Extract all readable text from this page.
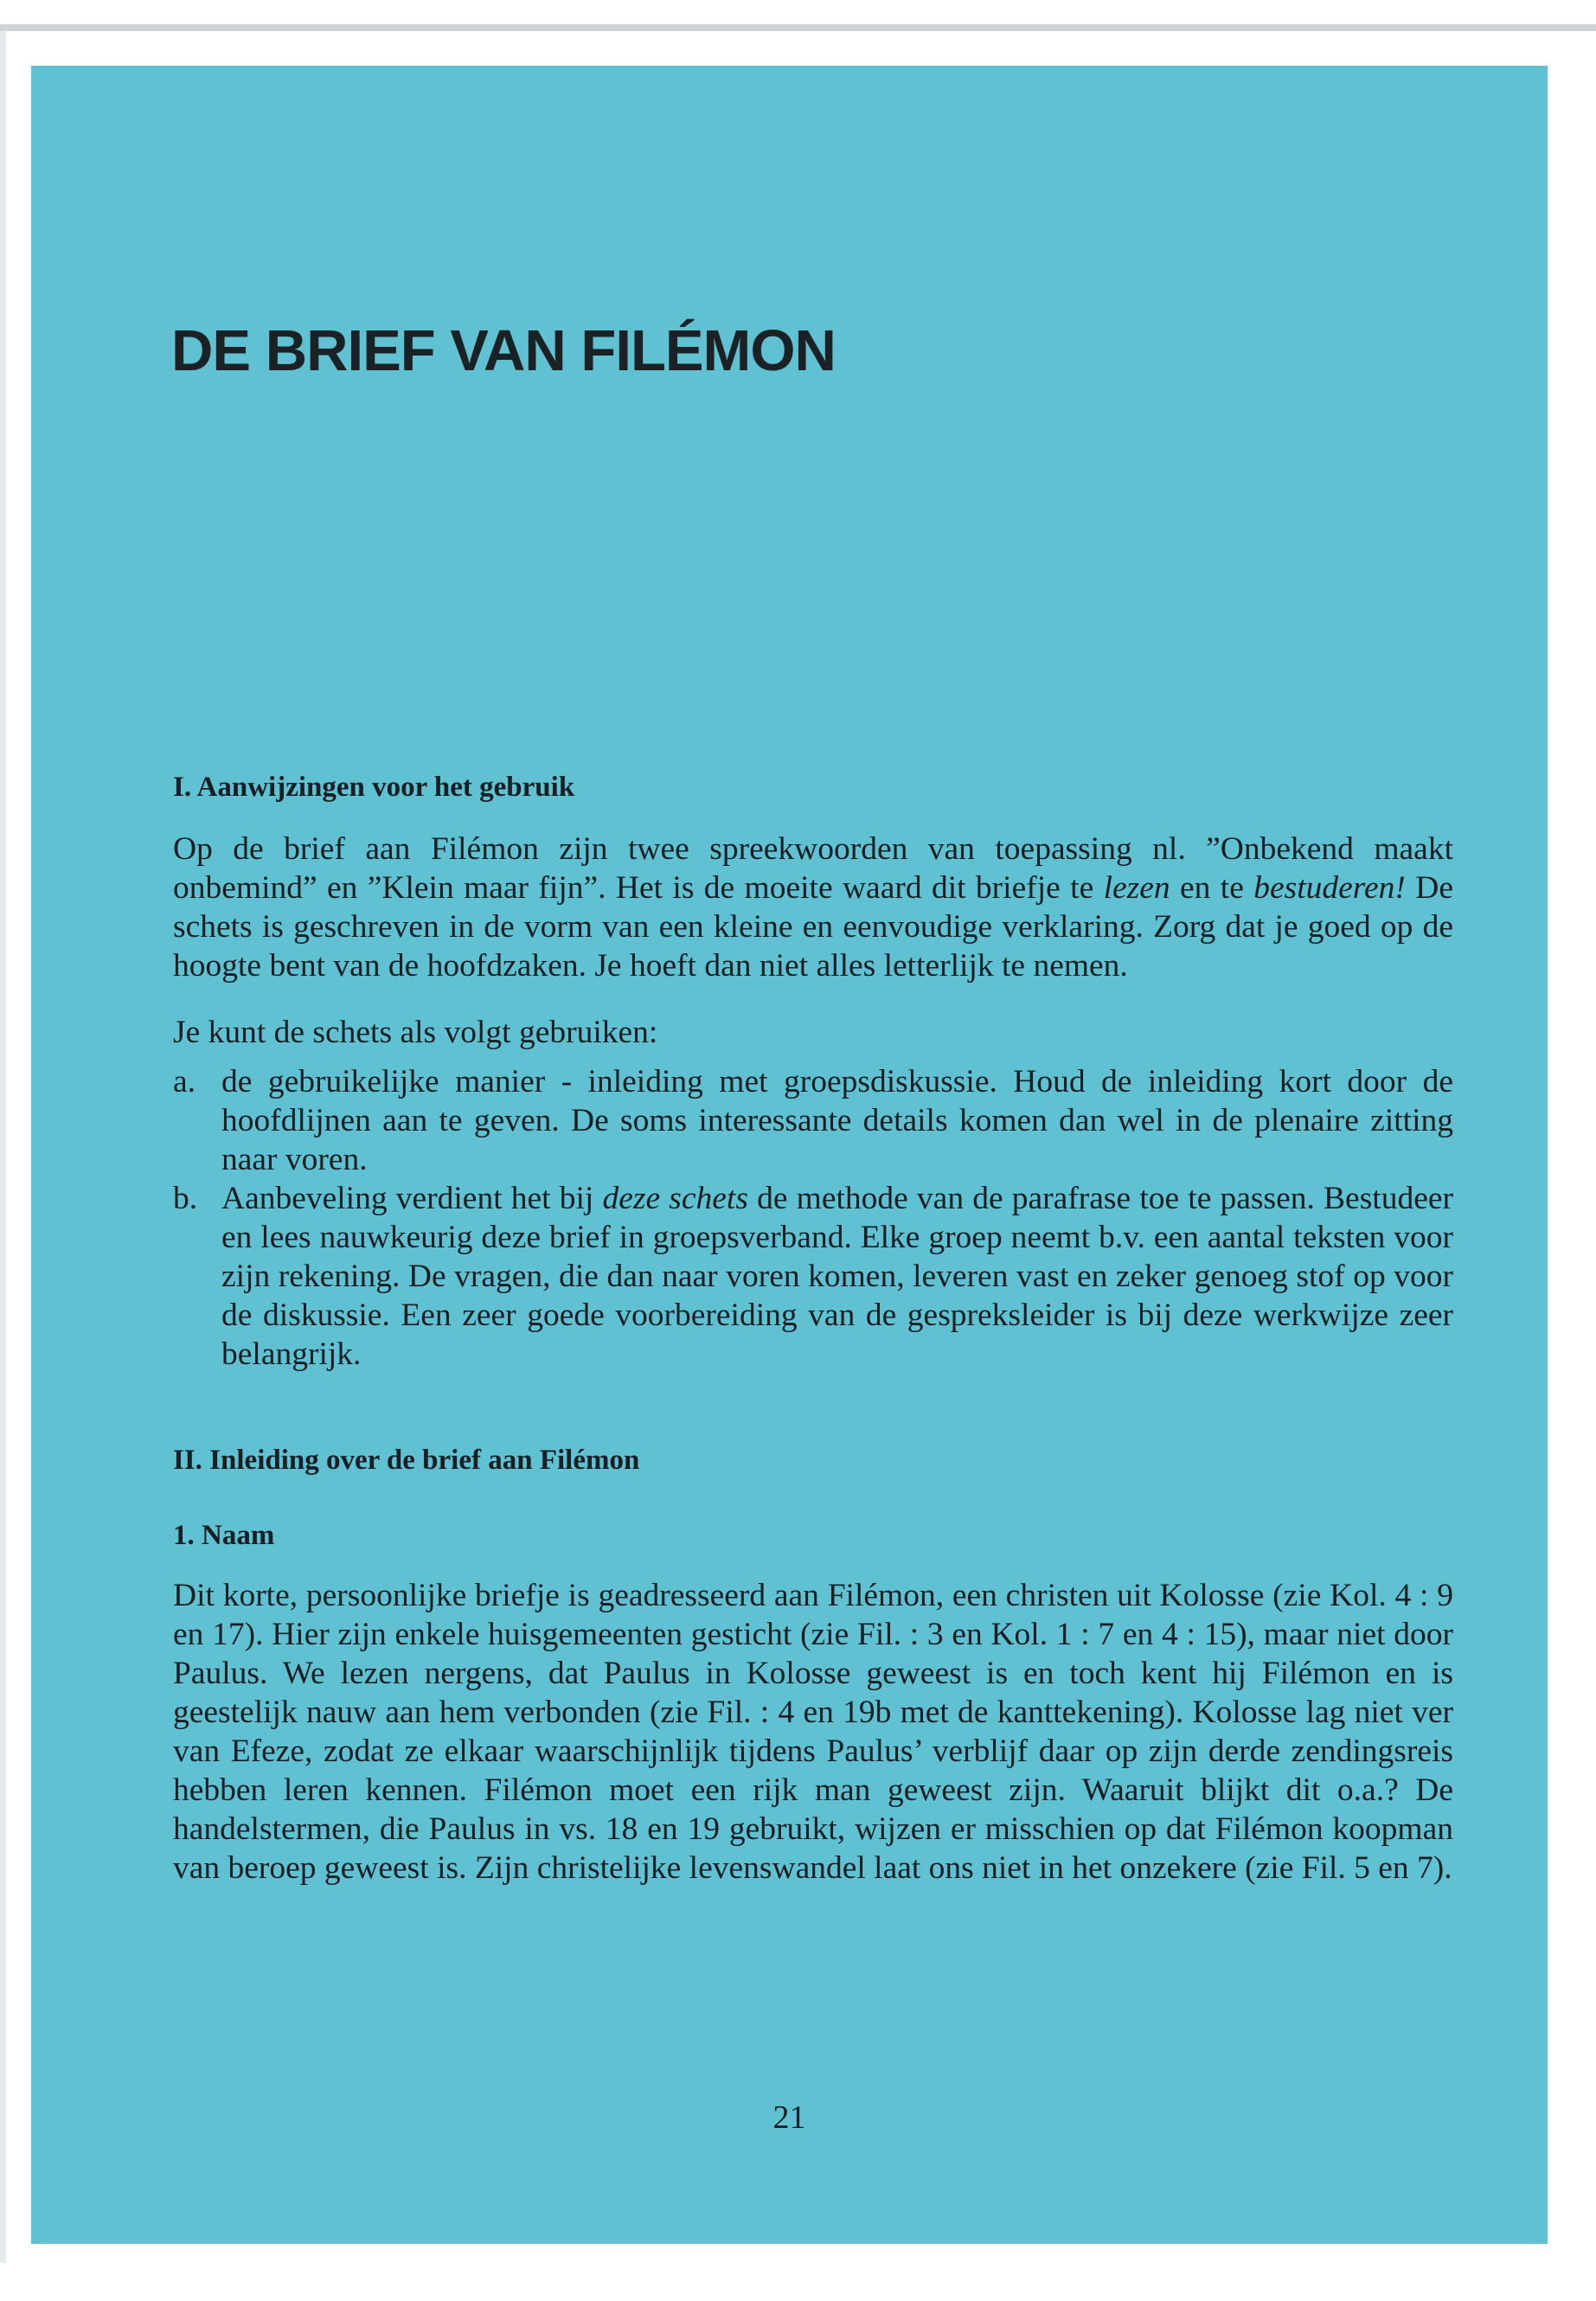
DE BRIEF VAN FILÉMON

I. Aanwijzingen voor het gebruik

Op de brief aan Filémon zijn twee spreekwoorden van toepassing nl. ”Onbekend maakt onbemind” en ”Klein maar fijn”. Het is de moeite waard dit briefje te lezen en te bestuderen! De schets is geschreven in de vorm van een kleine en eenvoudige verklaring. Zorg dat je goed op de hoogte bent van de hoofdzaken. Je hoeft dan niet alles letterlijk te nemen.

Je kunt de schets als volgt gebruiken:

a. de gebruikelijke manier - inleiding met groepsdiskussie. Houd de inleiding kort door de hoofdlijnen aan te geven. De soms interessante details komen dan wel in de plenaire zitting naar voren.
b. Aanbeveling verdient het bij deze schets de methode van de parafrase toe te passen. Bestudeer en lees nauwkeurig deze brief in groepsverband. Elke groep neemt b.v. een aantal teksten voor zijn rekening. De vragen, die dan naar voren komen, leveren vast en zeker genoeg stof op voor de diskussie. Een zeer goede voorbereiding van de gespreksleider is bij deze werkwijze zeer belangrijk.

II. Inleiding over de brief aan Filémon

1. Naam

Dit korte, persoonlijke briefje is geadresseerd aan Filémon, een christen uit Kolosse (zie Kol. 4 : 9 en 17). Hier zijn enkele huisgemeenten gesticht (zie Fil. : 3 en Kol. 1 : 7 en 4 : 15), maar niet door Paulus. We lezen nergens, dat Paulus in Kolosse geweest is en toch kent hij Filémon en is geestelijk nauw aan hem verbonden (zie Fil. : 4 en 19b met de kanttekening). Kolosse lag niet ver van Efeze, zodat ze elkaar waarschijnlijk tijdens Paulus’ verblijf daar op zijn derde zendingsreis hebben leren kennen. Filémon moet een rijk man geweest zijn. Waaruit blijkt dit o.a.? De handelstermen, die Paulus in vs. 18 en 19 gebruikt, wijzen er misschien op dat Filémon koopman van beroep geweest is. Zijn christelijke levenswandel laat ons niet in het onzekere (zie Fil. 5 en 7).

21
